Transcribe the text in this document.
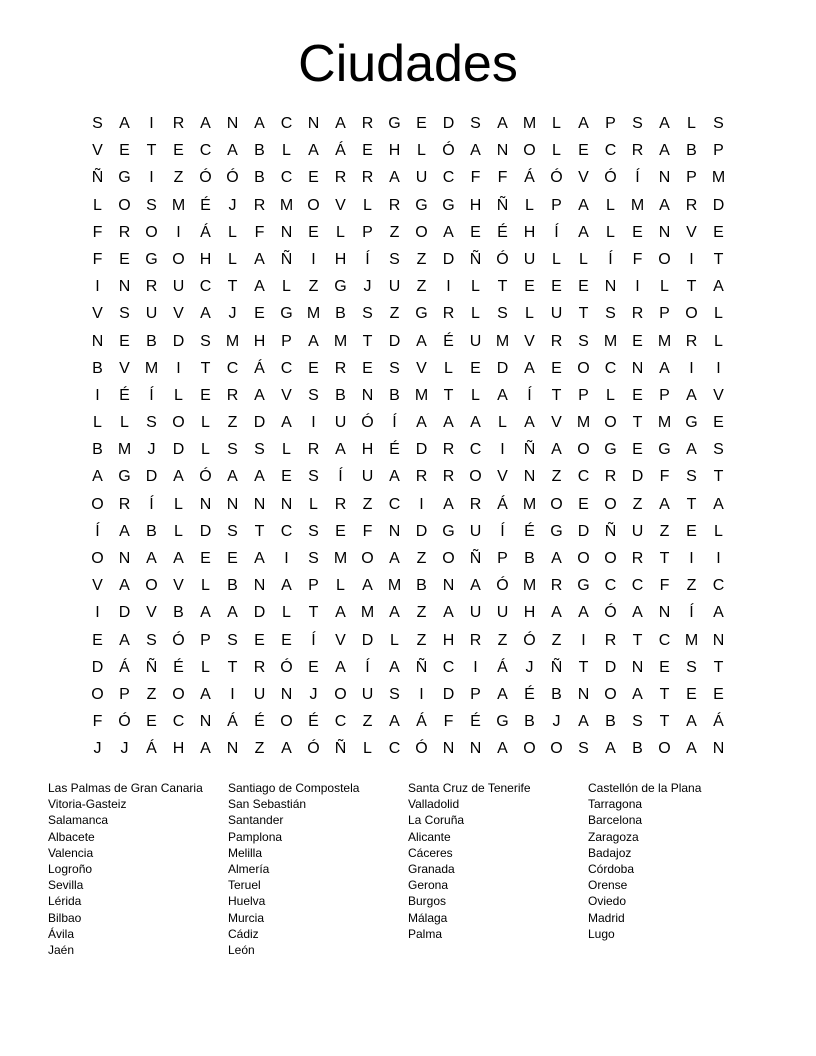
Ciudades
S	A	I	R A N A C N A R G E D S	A M L	A	P	S	A	L	S
V	E	T	E C A	B	L	A	Á	E H	L	Ó A N O	L	E C R A	B	P
Ñ G	I	Z Ó Ó B C E R R A U C	F	F	Á Ó V Ó	Í	N P M
L	O S M É	J	R M O V	L	R G G H Ñ	L	P	A	L M A R D
F	R O	I	Á	L	F	N E	L	P	Z O A	E	É H	Í	A	L	E N V	E
F	E G O H	L	A Ñ	I	H	Í	S	Z	D Ñ Ó U	L	L	Í	F O	I	T
I	N R U C	T	A	L	Z G	J	U	Z	I	L	T	E	E	E N	I	L	T	A
V	S U V	A	J	E G M B	S	Z G R	L	S	L	U	T	S R P O	L
N E	B D S M H P	A M T	D A	É U M V R S M E M R	L
B	V M	I	T	C Á C E R E	S	V	L	E D A	E O C N A	I	I
I	É	Í	L	E R A	V	S	B N B M T	L	A	Í	T	P	L	E	P	A	V
L	L	S O	L	Z	D A	I	U Ó	Í	A	A	A	L	A	V M O T M G E
B M	J	D	L	S	S	L	R A H É D R C	I	Ñ A O G E G A	S
A G D A Ó A	A	E	S	Í	U A R R O V N	Z	C R D	F	S	T
O R	Í	L	N N N N	L	R	Z	C	I	A R Á M O E O Z	A	T	A
Í	A	B	L	D S	T	C S	E	F	N D G U	Í	É G D Ñ U	Z	E	L
O N A	A	E	E	A	I	S M O A	Z O Ñ P	B	A O O R	T	I	I
V	A O V	L	B N A	P	L	A M B N A Ó M R G C C	F	Z	C
I	D V	B	A	A D	L	T	A M A	Z	A U U H A	A Ó A N	Í	A
E	A	S Ó P	S	E	E	Í	V D	L	Z	H R	Z Ó Z	I	R	T	C M N
D Á Ñ É	L	T	R Ó E	A	Í	A Ñ C	I	Á	J	Ñ	T	D N E	S	T
O P	Z O A	I	U N	J	O U S	I	D P	A	É	B N O A	T	E	E
F Ó E C N Á	É O É C	Z	A	Á	F	É G B	J	A	B	S	T	A	Á
J	J	Á H A N	Z	A Ó Ñ	L	C Ó N N A O O S	A	B O A N
Las Palmas de Gran Canaria
Vitoria-Gasteiz
Salamanca
Albacete
Valencia
Logroño
Sevilla
Lérida
Bilbao
Ávila
Jaén
Santiago de Compostela
San Sebastián
Santander
Pamplona
Melilla
Almería
Teruel
Huelva
Murcia
Cádiz
León
Santa Cruz de Tenerife
Valladolid
La Coruña
Alicante
Cáceres
Granada
Gerona
Burgos
Málaga
Palma
Castellón de la Plana
Tarragona
Barcelona
Zaragoza
Badajoz
Córdoba
Orense
Oviedo
Madrid
Lugo
